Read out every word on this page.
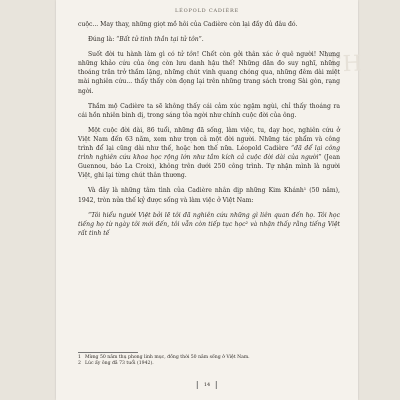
LÉOPOLD CADIÈRE
TH

cuộc... May thay, những giọt mồ hôi của Cadière còn lại đầy đủ đâu đó.

Đúng là: “Bất tử tinh thần tại tử tôn”.

Suốt đời tu hành làm gì có tử tôn! Chết còn gởi thân xác ở quê người! Nhưng những khảo cứu của ông còn lưu danh hậu thế! Những dãn đo suy nghĩ, những thoáng trăn trở thầm lặng, những chút vinh quang chóng qua, những đêm dài miệt mài nghiên cứu... thấy thấy còn đọng lại trên những trang sách trong Sài gòn, rạng ngời.

Thầm mộ Cadière ta sẽ không thấy cái cảm xúc ngậm ngùi, chỉ thấy thoáng ra cái hồn nhiên bình dị, trong sáng tỏa ngời như chính cuộc đời của ông.

Một cuộc đời dài, 86 tuổi, những đã sống, làm việc, tu, dạy học, nghiên cứu ở Việt Nam đến 63 năm, xem như trọn cả một đời người. Những tác phẩm và công trình để lại cũng dài như thế, hoặc hơn thế nữa. Léopold Cadière “đã để lại công trình nghiên cứu khoa học rộng lớn như tầm kích cả cuộc đời dài của người” (Jean Guennou, báo La Croix), không trên dưới 250 công trình. Tự nhận mình là người Việt, ghi lại từng chút thân thương.

Và đây là những tâm tình của Cadière nhân dịp những Kim Khánh¹ (50 năm), 1942, tròn nửa thế kỷ được sống và làm việc ở Việt Nam:

“Tôi hiểu người Việt bởi lẽ tôi đã nghiên cứu những gì liên quan đến họ. Tôi học tiếng họ từ ngày tôi mới đến, tôi vẫn còn tiếp tục học² và nhận thấy rằng tiếng Việt rất tinh tế

1 Mừng 50 năm thụ phong linh mục, đồng thời 50 năm sống ở Việt Nam.
2 Lúc ấy ông đã 73 tuổi (1942).
14
